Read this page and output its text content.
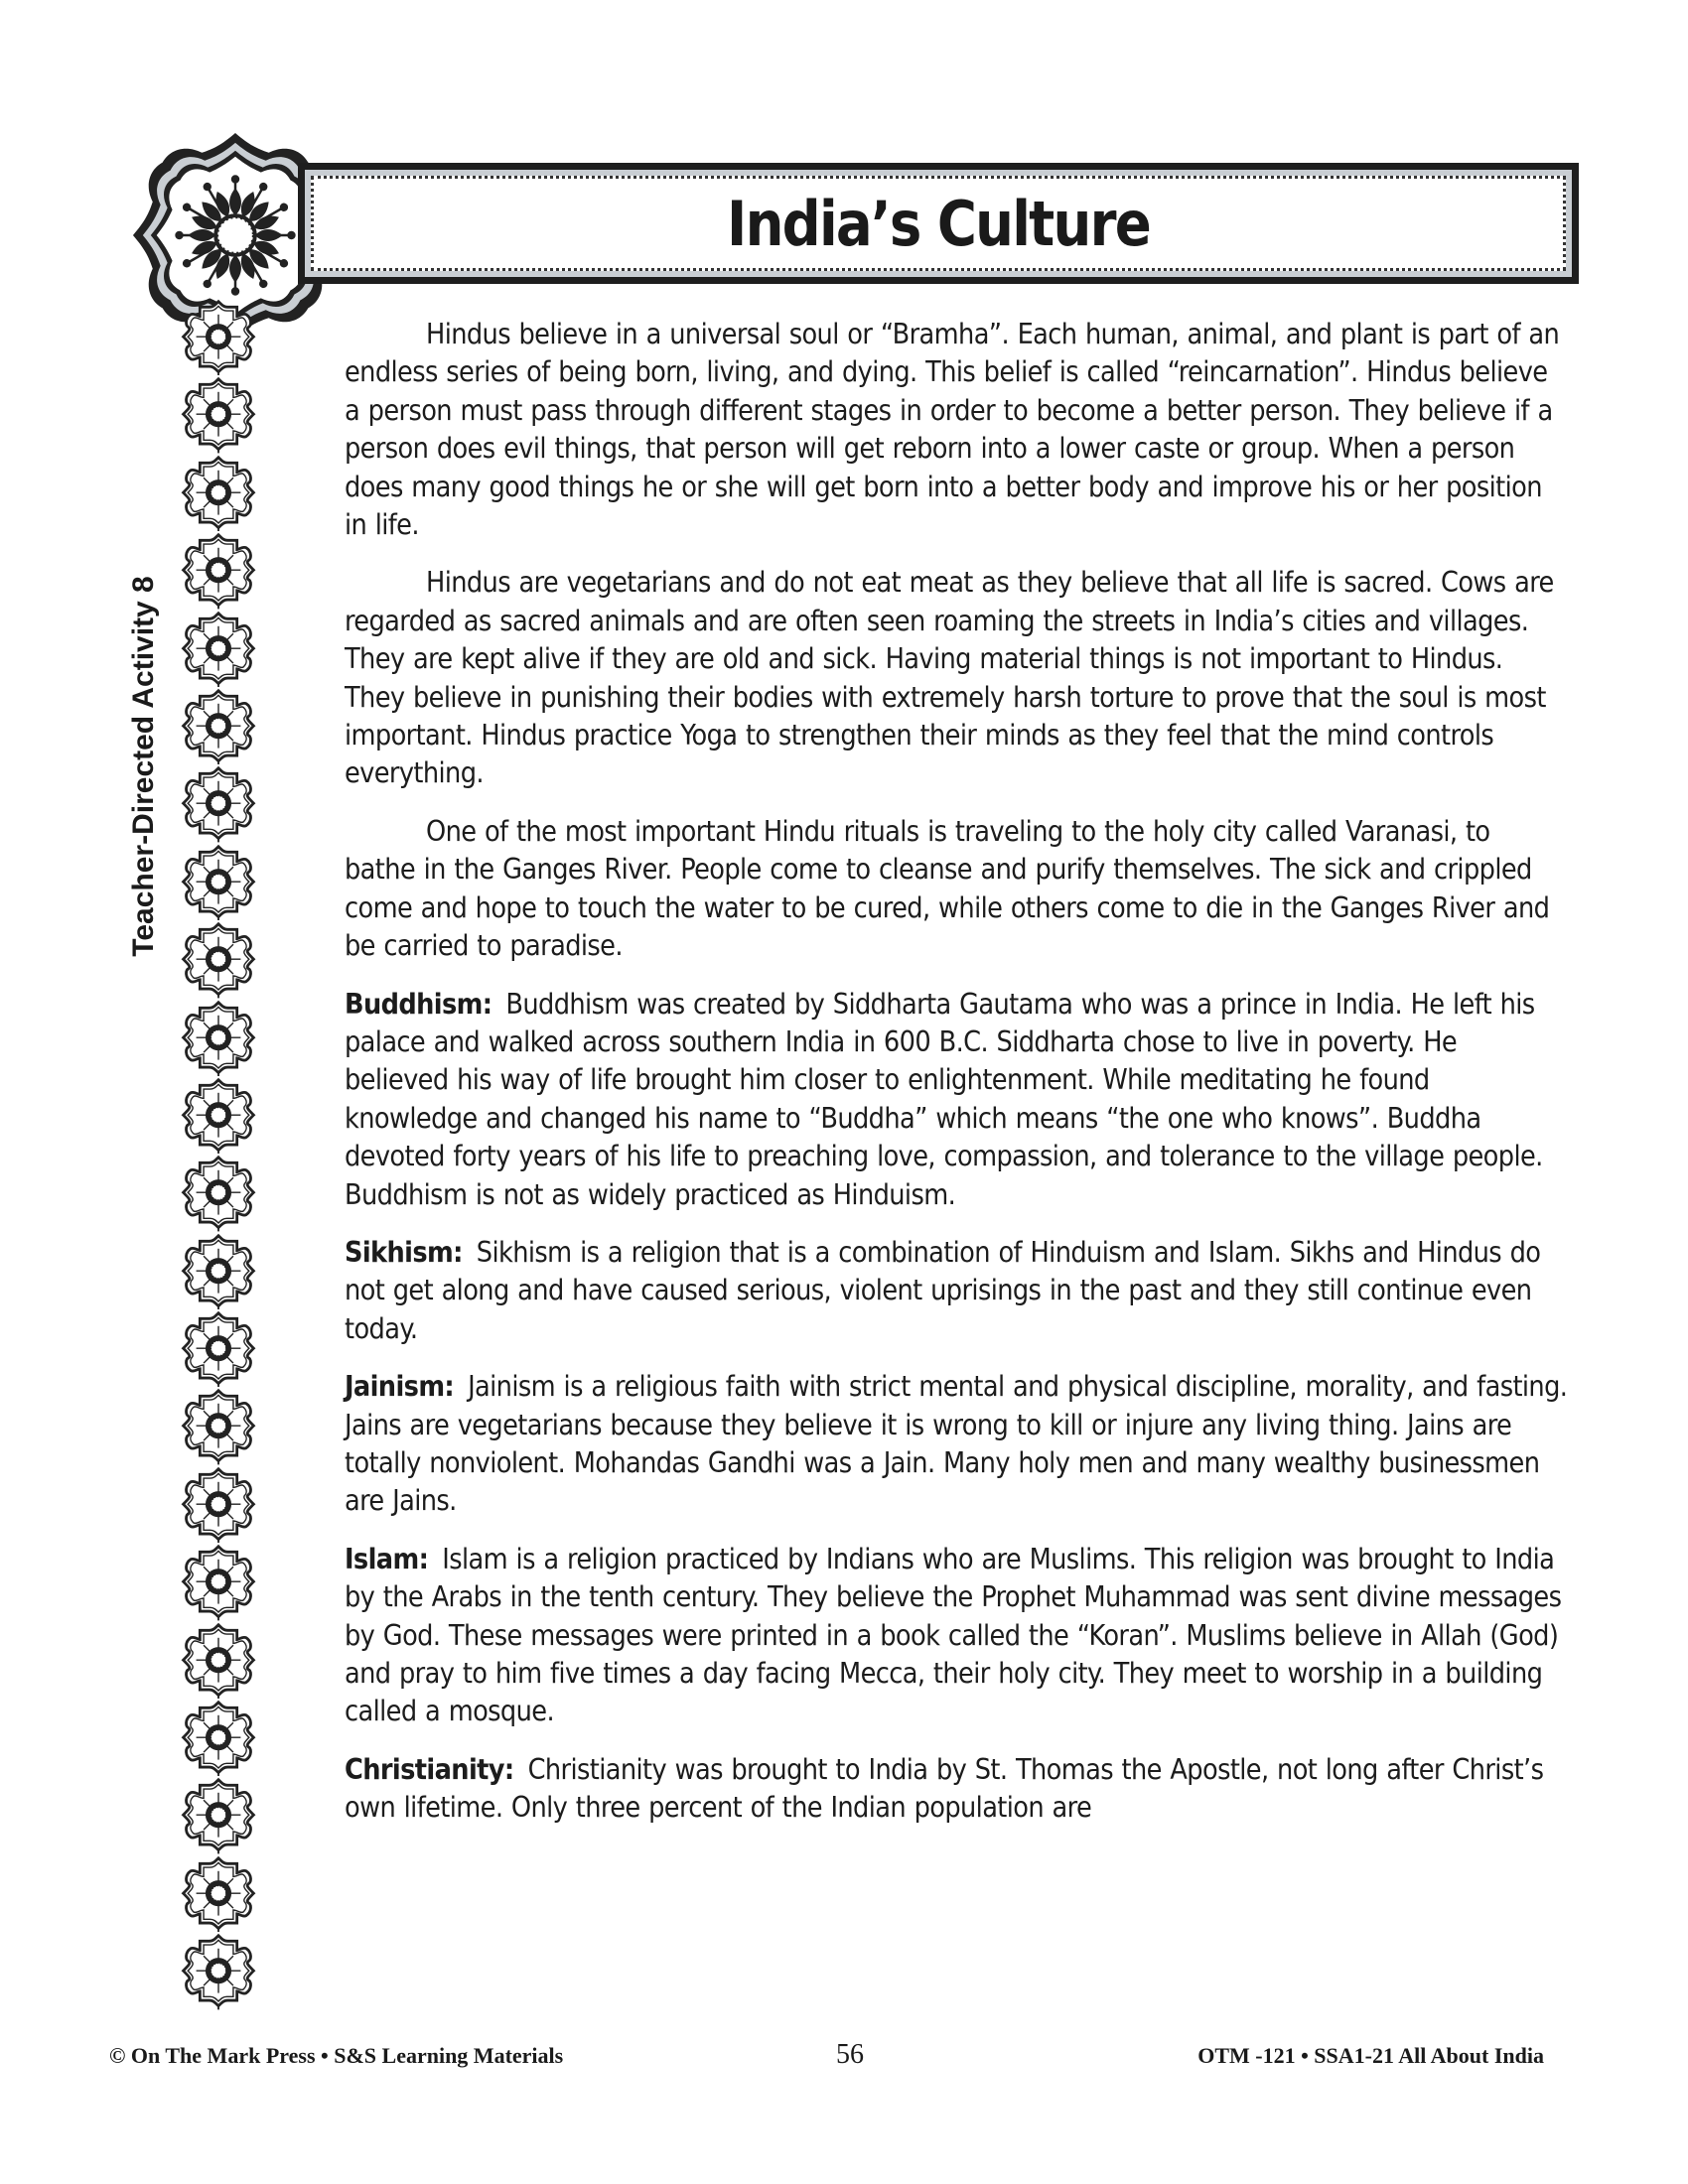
India’s Culture
Teacher-Directed Activity 8

Hindus believe in a universal soul or “Bramha”. Each human, animal, and plant is part of an endless series of being born, living, and dying. This belief is called “reincarnation”. Hindus believe a person must pass through different stages in order to become a better person. They believe if a person does evil things, that person will get reborn into a lower caste or group. When a person does many good things he or she will get born into a better body and improve his or her position in life.

Hindus are vegetarians and do not eat meat as they believe that all life is sacred. Cows are regarded as sacred animals and are often seen roaming the streets in India’s cities and villages. They are kept alive if they are old and sick. Having material things is not important to Hindus. They believe in punishing their bodies with extremely harsh torture to prove that the soul is most important. Hindus practice Yoga to strengthen their minds as they feel that the mind controls everything.

One of the most important Hindu rituals is traveling to the holy city called Varanasi, to bathe in the Ganges River. People come to cleanse and purify themselves. The sick and crippled come and hope to touch the water to be cured, while others come to die in the Ganges River and be carried to paradise.

Buddhism: Buddhism was created by Siddharta Gautama who was a prince in India. He left his palace and walked across southern India in 600 B.C. Siddharta chose to live in poverty. He believed his way of life brought him closer to enlightenment. While meditating he found knowledge and changed his name to “Buddha” which means “the one who knows”. Buddha devoted forty years of his life to preaching love, compassion, and tolerance to the village people. Buddhism is not as widely practiced as Hinduism.

Sikhism: Sikhism is a religion that is a combination of Hinduism and Islam. Sikhs and Hindus do not get along and have caused serious, violent uprisings in the past and they still continue even today.

Jainism: Jainism is a religious faith with strict mental and physical discipline, morality, and fasting. Jains are vegetarians because they believe it is wrong to kill or injure any living thing. Jains are totally nonviolent. Mohandas Gandhi was a Jain. Many holy men and many wealthy businessmen are Jains.

Islam: Islam is a religion practiced by Indians who are Muslims. This religion was brought to India by the Arabs in the tenth century. They believe the Prophet Muhammad was sent divine messages by God. These messages were printed in a book called the “Koran”. Muslims believe in Allah (God) and pray to him five times a day facing Mecca, their holy city. They meet to worship in a building called a mosque.

Christianity: Christianity was brought to India by St. Thomas the Apostle, not long after Christ’s own lifetime. Only three percent of the Indian population are

© On The Mark Press • S&S Learning Materials	56	OTM -121 • SSA1-21 All About India
